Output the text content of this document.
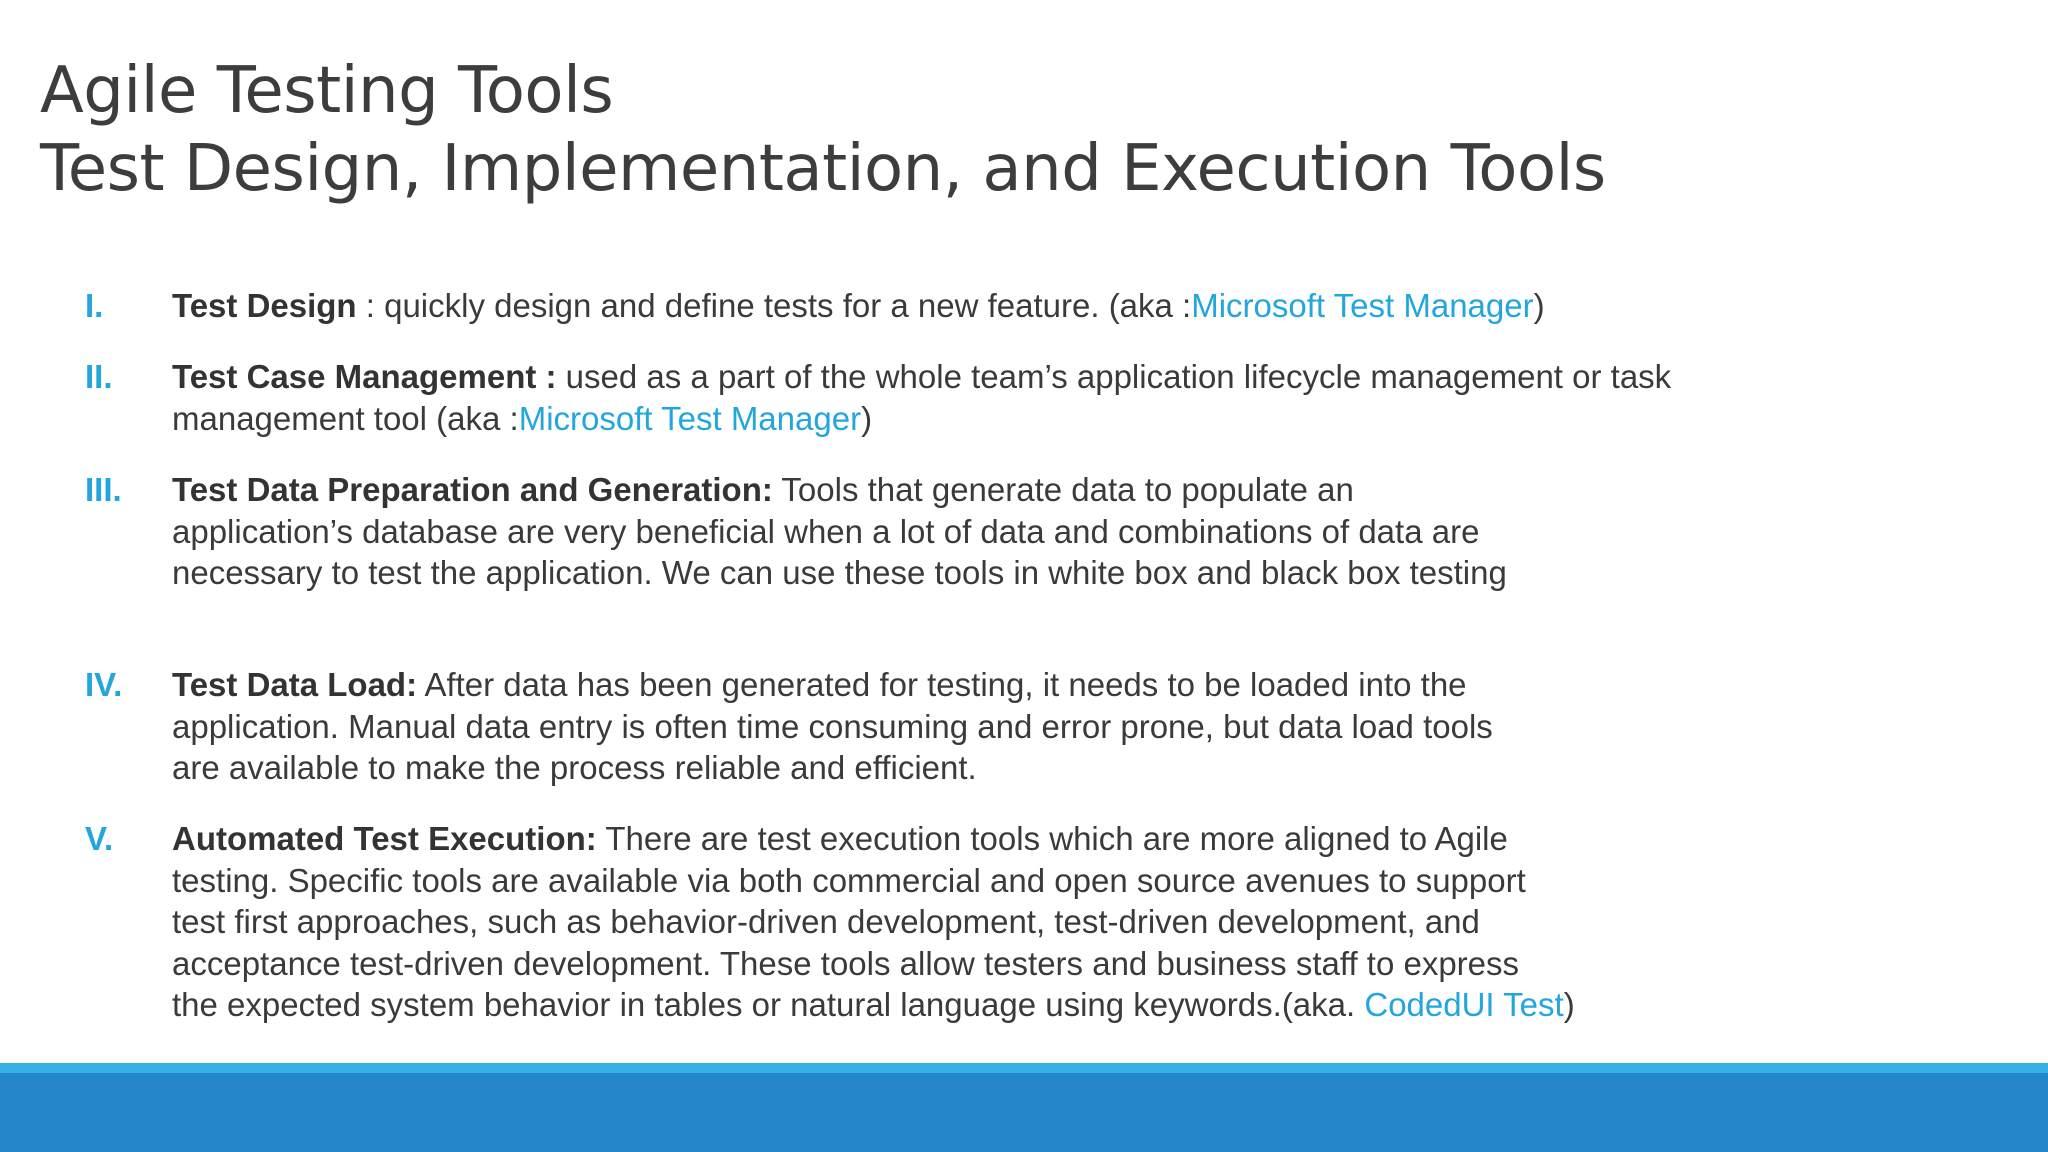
Agile Testing Tools
Test Design, Implementation, and Execution Tools
I. Test Design : quickly design and define tests for a new feature. (aka :Microsoft Test Manager)
II. Test Case Management : used as a part of the whole team’s application lifecycle management or task
management tool (aka :Microsoft Test Manager)
III. Test Data Preparation and Generation: Tools that generate data to populate an
application’s database are very beneficial when a lot of data and combinations of data are
necessary to test the application. We can use these tools in white box and black box testing
IV. Test Data Load: After data has been generated for testing, it needs to be loaded into the
application. Manual data entry is often time consuming and error prone, but data load tools
are available to make the process reliable and efficient.
V. Automated Test Execution: There are test execution tools which are more aligned to Agile
testing. Specific tools are available via both commercial and open source avenues to support
test first approaches, such as behavior-driven development, test-driven development, and
acceptance test-driven development. These tools allow testers and business staff to express
the expected system behavior in tables or natural language using keywords.(aka. CodedUI Test)
